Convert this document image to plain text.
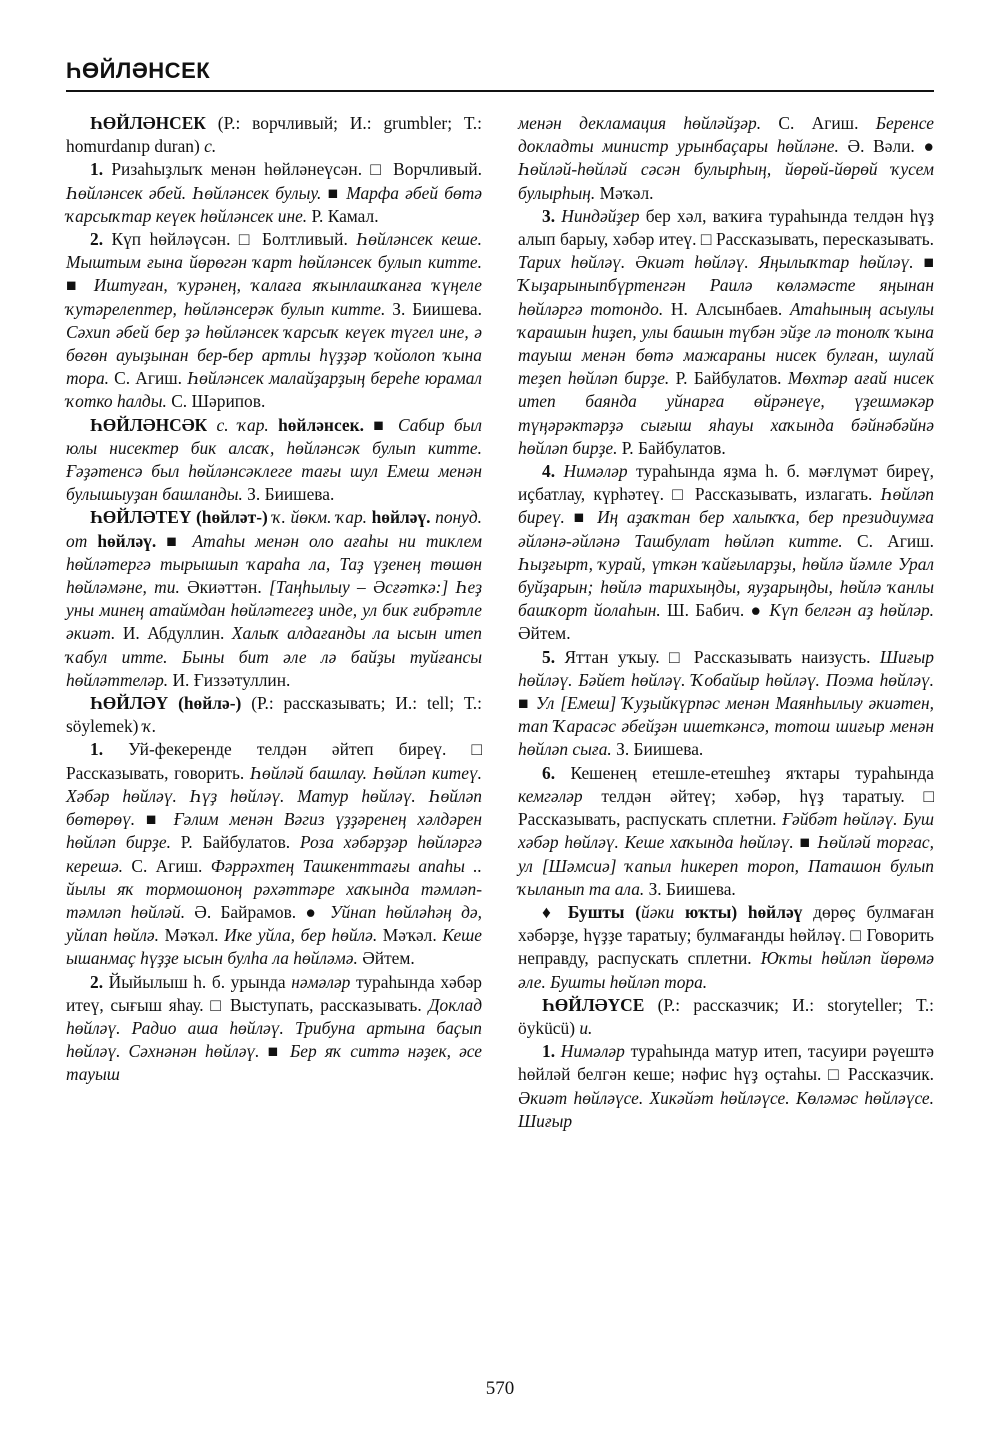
ҺӨЙЛӘНСЕК

ҺӨЙЛӘНСЕК (Р.: ворчливый; И.: grumbler; Т.: homurdanıp duran) с.

1. Ризаһыҙлыҡ менән һөйләнеүсән. □ Ворчливый. Һөйләнсек әбей. Һөйләнсек булыу. ■ Марфа әбей бөтә ҡарсыҡтар кеүек һөйләнсек ине. Р. Камал.

2. Күп һөйләүсән. □ Болтливый. Һөйләнсек кеше. Мыштым ғына йөрөгән ҡарт һөйләнсек булып китте. ■ Иштуған, ҡурәнең, ҡалаға яҡынлашҡанға ҡүңеле ҡутәрелептер, һөйләнсерәк булып китте. З. Биишева. Сәхип әбей бер ҙә һөйләнсек ҡарсыҡ кеүек түгел ине, ә бөгөн ауыҙынан бер-бер артлы һүҙҙәр ҡойолоп ҡына тора. С. Агиш. Һөйләнсек малайҙарҙың береһе юрамал ҡотко һалды. С. Шәрипов.

ҺӨЙЛӘНСӘК с. ҡар. һөйләнсек. ■ Сабир был юлы нисектер бик алсаҡ, һөйләнсәк булып китте. Ғәҙәтенсә был һөйләнсәклеге тағы шул Емеш менән булышыуҙан башланды. З. Биишева.

ҺӨЙЛӘТЕҮ (һөйләт-) ҡ. йөкм. ҡар. һөйләү. понуд. от һөйләү. ■ Атаһы менән оло ағаһы ни тиклем һөйләтергә тырышып ҡараһа ла, Таҙ үҙенең төшөн һөйләмәне, ти. Әкиәттән. [Таңһылыу – Әсғәткә:] Һеҙ уны минең атаймдан һөйләтегеҙ инде, ул бик ғибрәтле әкиәт. И. Абдуллин. Халыҡ алдағанды ла ысын итеп ҡабул итте. Быны бит әле лә байҙы туйғансы һөйләттеләр. И. Ғиззәтуллин.

ҺӨЙЛӘҮ (һөйлә-) (Р.: рассказывать; И.: tell; Т.: söylemek) ҡ.

1. Уй-фекеренде телдән әйтеп биреү. □ Рассказывать, говорить. Һөйләй башлау. Һөйләп китеү. Хәбәр һөйләү. Һүҙ һөйләү. Матур һөйләү. Һөйләп бөтөрөү. ■ Ғәлим менән Вәгиз үҙҙәренең хәлдәрен һөйләп бирҙе. Р. Байбулатов. Роза хәбәрҙәр һөйләргә керешә. С. Агиш. Фәррәхтең Ташкенттағы апаһы .. йылы яҡ тормошоноң рәхәттәре хаҡында тәмләп-тәмләп һөйләй. Ә. Байрамов. ● Уйнап һөйләһәң дә, уйлап һөйлә. Мәҡәл. Ике уйла, бер һөйлә. Мәҡәл. Кеше ышанмаҫ һүҙҙе ысын булһа ла һөйләмә. Әйтем.

2. Йыйылыш һ. б. урында нәмәләр тураһында хәбәр итеү, сығыш яһау. □ Выступать, рассказывать. Доклад һөйләү. Радио аша һөйләү. Трибуна артына баҫып һөйләү. Сәхнәнән һөйләү. ■ Бер яҡ ситтә нәҙек, әсе тауыш

менән декламация һөйләйҙәр. С. Агиш. Беренсе докладты министр урынбаҫары һөйләне. Ә. Вәли. ● Һөйләй-һөйләй сәсән булырһың, йөрөй-йөрөй ҡусем булырһың. Мәҡәл.

3. Ниндәйҙер бер хәл, ваҡиға тураһында телдән һүҙ алып барыу, хәбәр итеү. □ Рассказывать, пересказывать. Тарих һөйләү. Әкиәт һөйләү. Яңылыҡтар һөйләү. ■ Ҡыҙарыныпбүртенгән Раилә көләмәсте яңынан һөйләргә тотондо. Н. Алсынбаев. Атаһының асыулы ҡарашын һиҙеп, улы башын түбән эйҙе лә тонолҡ ҡына тауыш менән бөтә мажараны нисек булған, шулай теҙеп һөйләп бирҙе. Р. Байбулатов. Мөхтәр ағай нисек итеп баянда уйнарға өйрәнеүе, үҙешмәкәр түңәрәктәрҙә сығыш яһауы хаҡында бәйнәбәйнә һөйләп бирҙе. Р. Байбулатов.

4. Нимәләр тураһында яҙма һ. б. мәғлүмәт биреү, иҫбатлау, күрһәтеү. □ Рассказывать, излагать. Һөйләп биреү. ■ Иң аҙаҡтан бер халыҡҡа, бер президиумға әйләнә-әйләнә Ташбулат һөйләп китте. С. Агиш. Һыҙғырт, ҡурай, үткән ҡайғыларҙы, һөйлә йәмле Урал буйҙарын; һөйлә тарихыңды, яуҙарыңды, һөйлә ҡанлы башҡорт йолаһын. Ш. Бабич. ● Күп белгән аҙ һөйләр. Әйтем.

5. Яттан уҡыу. □ Рассказывать наизусть. Шиғыр һөйләү. Бәйет һөйләү. Ҡобайыр һөйләү. Поэма һөйләү. ■ Ул [Емеш] Ҡуҙыйкүрпәс менән Маянһылыу әкиәтен, тап Ҡарасәс әбейҙән ишеткәнсә, тотош шиғыр менән һөйләп сыға. З. Биишева.

6. Кешенең етешле-етешһеҙ яҡтары тураһында кемгәләр телдән әйтеү; хәбәр, һүҙ таратыу. □ Рассказывать, распускать сплетни. Ғәйбәт һөйләү. Буш хәбәр һөйләү. Кеше хаҡында һөйләү. ■ Һөйләй торғас, ул [Шәмсиә] ҡапыл һикереп тороп, Паташон булып ҡыланып та ала. З. Биишева.

♦ Бушты (йәки юҡты) һөйләү дөрөҫ булмаған хәбәрҙе, һүҙҙе таратыу; булмағанды һөйләү. □ Говорить неправду, распускать сплетни. Юҡты һөйләп йөрөмә әле. Бушты һөйләп тора.

ҺӨЙЛӘҮСЕ (Р.: рассказчик; И.: storyteller; Т.: öykücü) и.

1. Нимәләр тураһында матур итеп, тасуири рәүештә һөйләй белгән кеше; нәфис һүҙ оҫтаһы. □ Рассказчик. Әкиәт һөйләүсе. Хикәйәт һөйләүсе. Көләмәс һөйләүсе. Шиғыр

570
